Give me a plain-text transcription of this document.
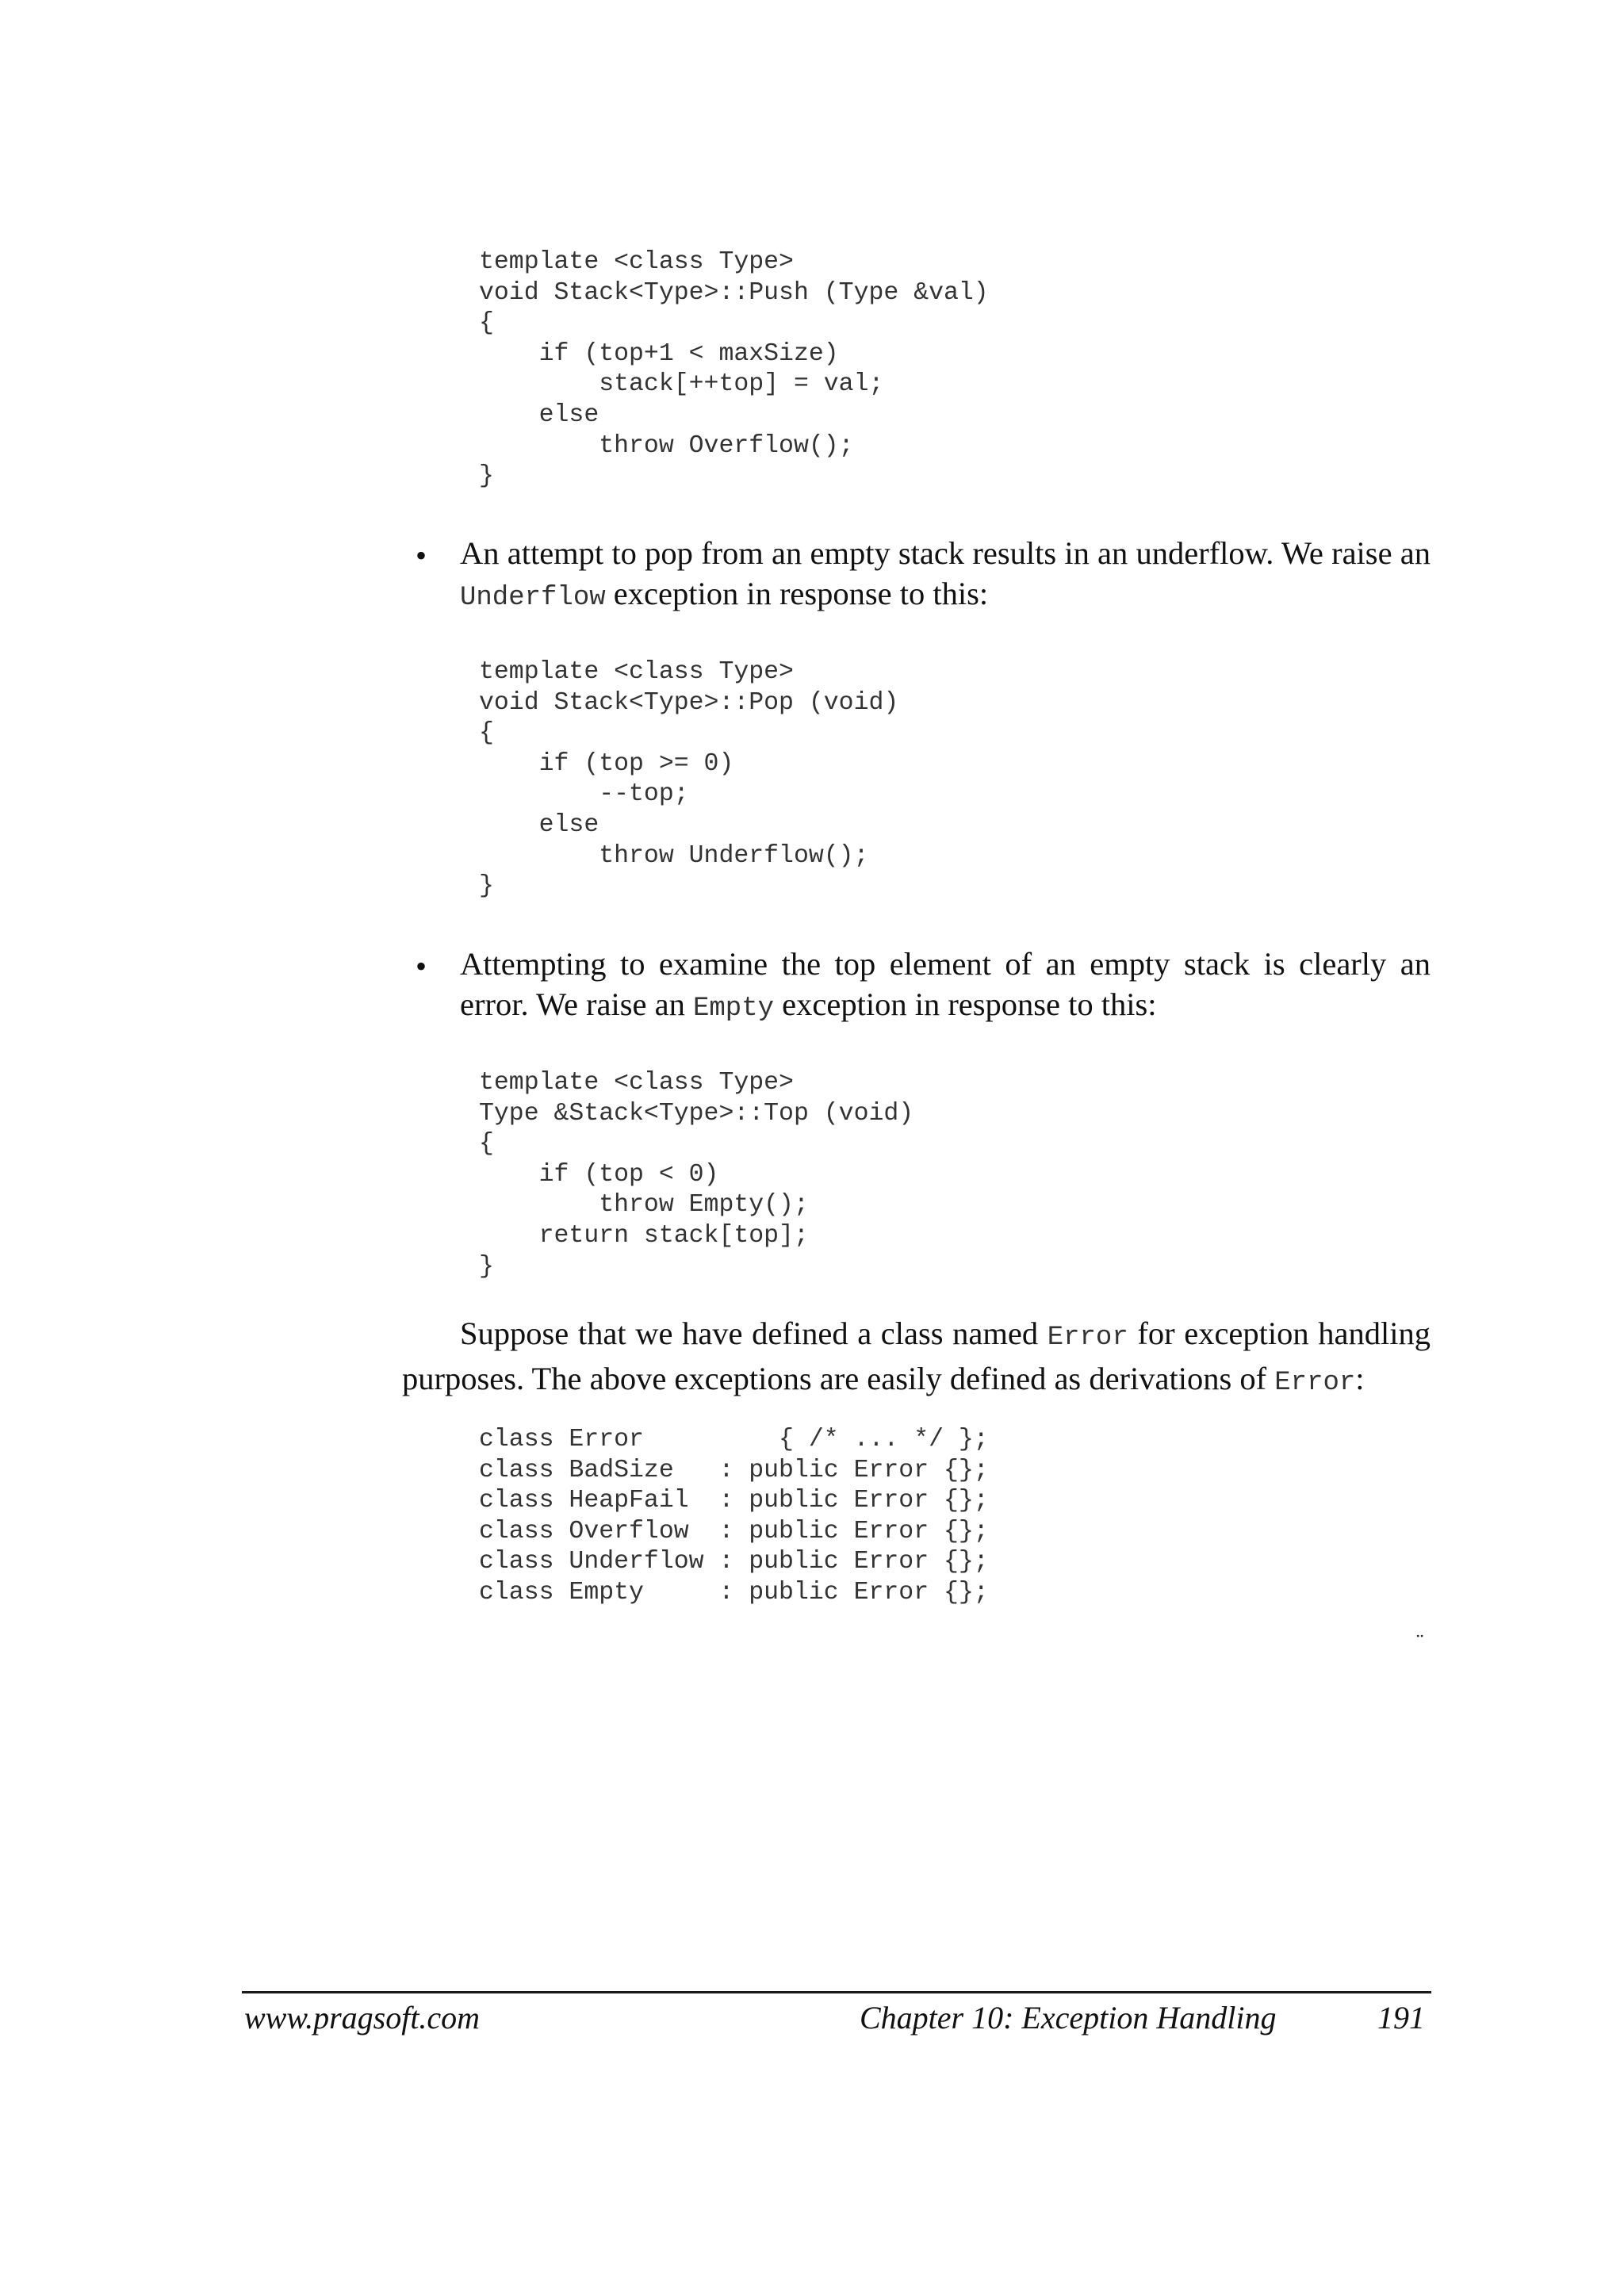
template <class Type>
void Stack<Type>::Push (Type &val)
{
if (top+1 < maxSize)
stack[++top] = val;
else
throw Overflow();
}
• An attempt to pop from an empty stack results in an underflow. We raise an Underflow exception in response to this:

template <class Type>
void Stack<Type>::Pop (void)
{
if (top >= 0)
--top;
else
throw Underflow();
}
• Attempting to examine the top element of an empty stack is clearly an error. We raise an Empty exception in response to this:

template <class Type>
Type &Stack<Type>::Top (void)
{
if (top < 0)
throw Empty();
return stack[top];
}

Suppose that we have defined a class named Error for exception handling purposes. The above exceptions are easily defined as derivations of Error:

class Error         { /* ... */ };
class BadSize   : public Error {};
class HeapFail  : public Error {};
class Overflow  : public Error {};
class Underflow : public Error {};
class Empty     : public Error {};
¨
www.pragsoft.com	Chapter 10: Exception Handling	191
